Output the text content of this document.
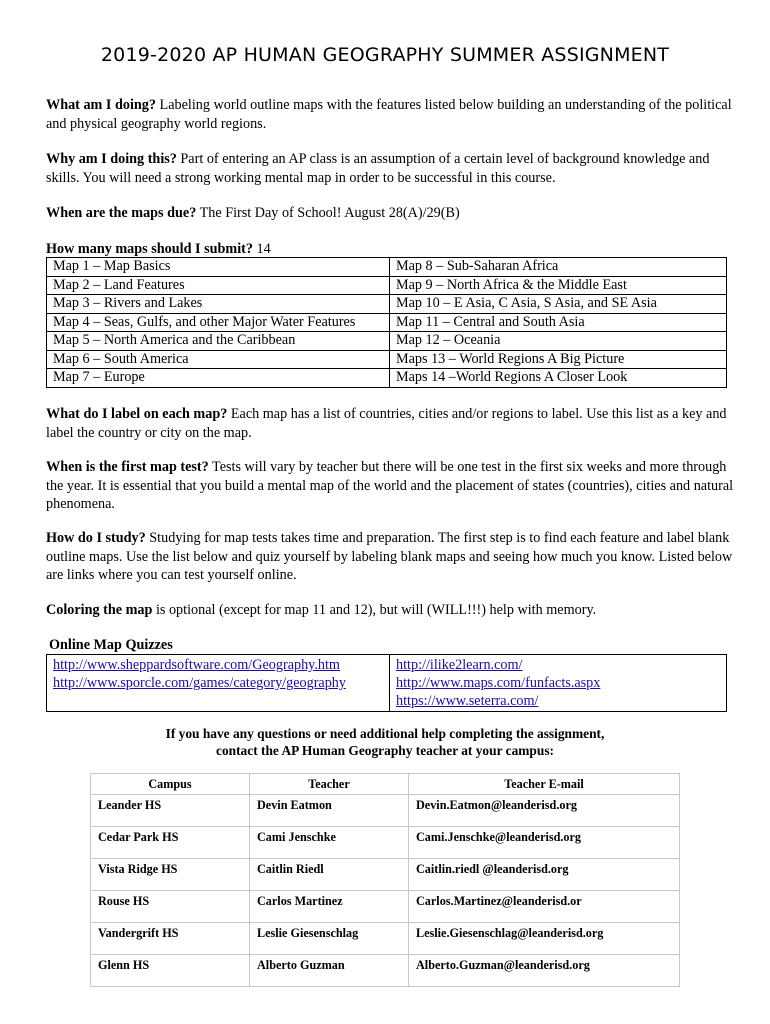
2019-2020 AP HUMAN GEOGRAPHY SUMMER ASSIGNMENT

What am I doing? Labeling world outline maps with the features listed below building an understanding of the political and physical geography world regions.

Why am I doing this? Part of entering an AP class is an assumption of a certain level of background knowledge and skills. You will need a strong working mental map in order to be successful in this course.

When are the maps due? The First Day of School! August 28(A)/29(B)

How many maps should I submit? 14

Map 1 – Map Basics	Map 8 – Sub-Saharan Africa
Map 2 – Land Features	Map 9 – North Africa & the Middle East
Map 3 – Rivers and Lakes	Map 10 – E Asia, C Asia, S Asia, and SE Asia
Map 4 – Seas, Gulfs, and other Major Water Features	Map 11 – Central and South Asia
Map 5 – North America and the Caribbean	Map 12 – Oceania
Map 6 – South America	Maps 13 – World Regions A Big Picture
Map 7 – Europe	Maps 14 –World Regions A Closer Look

What do I label on each map? Each map has a list of countries, cities and/or regions to label. Use this list as a key and label the country or city on the map.

When is the first map test? Tests will vary by teacher but there will be one test in the first six weeks and more through the year. It is essential that you build a mental map of the world and the placement of states (countries), cities and natural phenomena.

How do I study? Studying for map tests takes time and preparation. The first step is to find each feature and label blank outline maps. Use the list below and quiz yourself by labeling blank maps and seeing how much you know. Listed below are links where you can test yourself online.

Coloring the map is optional (except for map 11 and 12), but will (WILL!!!) help with memory.

Online Map Quizzes

http://www.sheppardsoftware.com/Geography.htm
http://www.sporcle.com/games/category/geography

http://ilike2learn.com/
http://www.maps.com/funfacts.aspx
https://www.seterra.com/

If you have any questions or need additional help completing the assignment,
contact the AP Human Geography teacher at your campus:

Campus	Teacher	Teacher E-mail
Leander HS	Devin Eatmon	Devin.Eatmon@leanderisd.org
Cedar Park HS	Cami Jenschke	Cami.Jenschke@leanderisd.org
Vista Ridge HS	Caitlin Riedl	Caitlin.riedl @leanderisd.org
Rouse HS	Carlos Martinez	Carlos.Martinez@leanderisd.or
Vandergrift HS	Leslie Giesenschlag	Leslie.Giesenschlag@leanderisd.org
Glenn HS	Alberto Guzman	Alberto.Guzman@leanderisd.org
